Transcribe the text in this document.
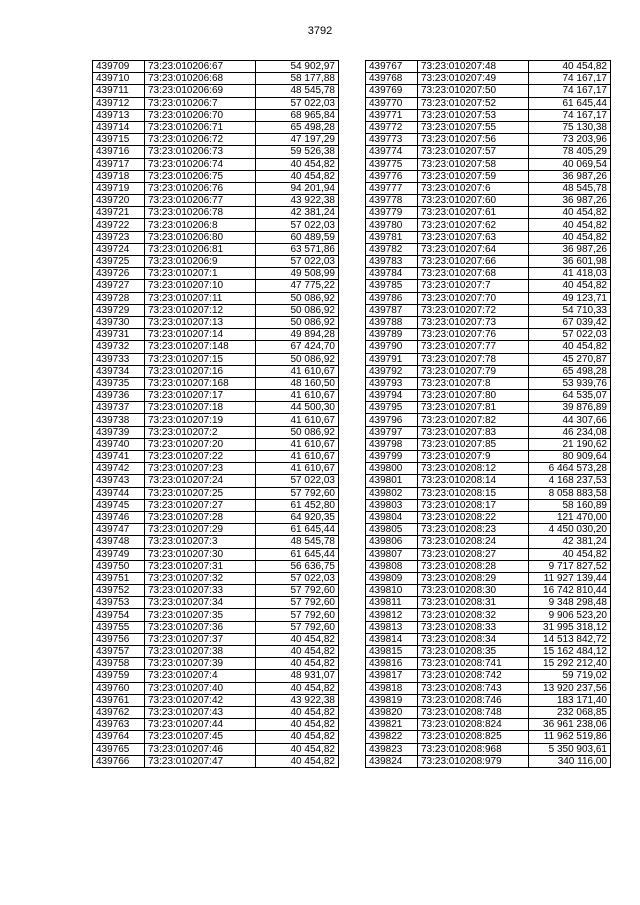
3792
439709	73:23:010206:67	54 902,97
439710	73:23:010206:68	58 177,88
439711	73:23:010206:69	48 545,78
439712	73:23:010206:7	57 022,03
439713	73:23:010206:70	68 965,84
439714	73:23:010206:71	65 498,28
439715	73:23:010206:72	47 197,29
439716	73:23:010206:73	59 526,38
439717	73:23:010206:74	40 454,82
439718	73:23:010206:75	40 454,82
439719	73:23:010206:76	94 201,94
439720	73:23:010206:77	43 922,38
439721	73:23:010206:78	42 381,24
439722	73:23:010206:8	57 022,03
439723	73:23:010206:80	60 489,59
439724	73:23:010206:81	63 571,86
439725	73:23:010206:9	57 022,03
439726	73:23:010207:1	49 508,99
439727	73:23:010207:10	47 775,22
439728	73:23:010207:11	50 086,92
439729	73:23:010207:12	50 086,92
439730	73:23:010207:13	50 086,92
439731	73:23:010207:14	49 894,28
439732	73:23:010207:148	67 424,70
439733	73:23:010207:15	50 086,92
439734	73:23:010207:16	41 610,67
439735	73:23:010207:168	48 160,50
439736	73:23:010207:17	41 610,67
439737	73:23:010207:18	44 500,30
439738	73:23:010207:19	41 610,67
439739	73:23:010207:2	50 086,92
439740	73:23:010207:20	41 610,67
439741	73:23:010207:22	41 610,67
439742	73:23:010207:23	41 610,67
439743	73:23:010207:24	57 022,03
439744	73:23:010207:25	57 792,60
439745	73:23:010207:27	61 452,80
439746	73:23:010207:28	64 920,35
439747	73:23:010207:29	61 645,44
439748	73:23:010207:3	48 545,78
439749	73:23:010207:30	61 645,44
439750	73:23:010207:31	56 636,75
439751	73:23:010207:32	57 022,03
439752	73:23:010207:33	57 792,60
439753	73:23:010207:34	57 792,60
439754	73:23:010207:35	57 792,60
439755	73:23:010207:36	57 792,60
439756	73:23:010207:37	40 454,82
439757	73:23:010207:38	40 454,82
439758	73:23:010207:39	40 454,82
439759	73:23:010207:4	48 931,07
439760	73:23:010207:40	40 454,82
439761	73:23:010207:42	43 922,38
439762	73:23:010207:43	40 454,82
439763	73:23:010207:44	40 454,82
439764	73:23:010207:45	40 454,82
439765	73:23:010207:46	40 454,82
439766	73:23:010207:47	40 454,82
439767	73:23:010207:48	40 454,82
439768	73:23:010207:49	74 167,17
439769	73:23:010207:50	74 167,17
439770	73:23:010207:52	61 645,44
439771	73:23:010207:53	74 167,17
439772	73:23:010207:55	75 130,38
439773	73:23:010207:56	73 203,96
439774	73:23:010207:57	78 405,29
439775	73:23:010207:58	40 069,54
439776	73:23:010207:59	36 987,26
439777	73:23:010207:6	48 545,78
439778	73:23:010207:60	36 987,26
439779	73:23:010207:61	40 454,82
439780	73:23:010207:62	40 454,82
439781	73:23:010207:63	40 454,82
439782	73:23:010207:64	36 987,26
439783	73:23:010207:66	36 601,98
439784	73:23:010207:68	41 418,03
439785	73:23:010207:7	40 454,82
439786	73:23:010207:70	49 123,71
439787	73:23:010207:72	54 710,33
439788	73:23:010207:73	67 039,42
439789	73:23:010207:76	57 022,03
439790	73:23:010207:77	40 454,82
439791	73:23:010207:78	45 270,87
439792	73:23:010207:79	65 498,28
439793	73:23:010207:8	53 939,76
439794	73:23:010207:80	64 535,07
439795	73:23:010207:81	39 876,89
439796	73:23:010207:82	44 307,66
439797	73:23:010207:83	46 234,08
439798	73:23:010207:85	21 190,62
439799	73:23:010207:9	80 909,64
439800	73:23:010208:12	6 464 573,28
439801	73:23:010208:14	4 168 237,53
439802	73:23:010208:15	8 058 883,58
439803	73:23:010208:17	58 160,89
439804	73:23:010208:22	121 470,00
439805	73:23:010208:23	4 450 030,20
439806	73:23:010208:24	42 381,24
439807	73:23:010208:27	40 454,82
439808	73:23:010208:28	9 717 827,52
439809	73:23:010208:29	11 927 139,44
439810	73:23:010208:30	16 742 810,44
439811	73:23:010208:31	9 348 298,48
439812	73:23:010208:32	9 906 523,20
439813	73:23:010208:33	31 995 318,12
439814	73:23:010208:34	14 513 842,72
439815	73:23:010208:35	15 162 484,12
439816	73:23:010208:741	15 292 212,40
439817	73:23:010208:742	59 719,02
439818	73:23:010208:743	13 920 237,56
439819	73:23:010208:746	183 171,40
439820	73:23:010208:748	232 068,85
439821	73:23:010208:824	36 961 238,06
439822	73:23:010208:825	11 962 519,86
439823	73:23:010208:968	5 350 903,61
439824	73:23:010208:979	340 116,00
